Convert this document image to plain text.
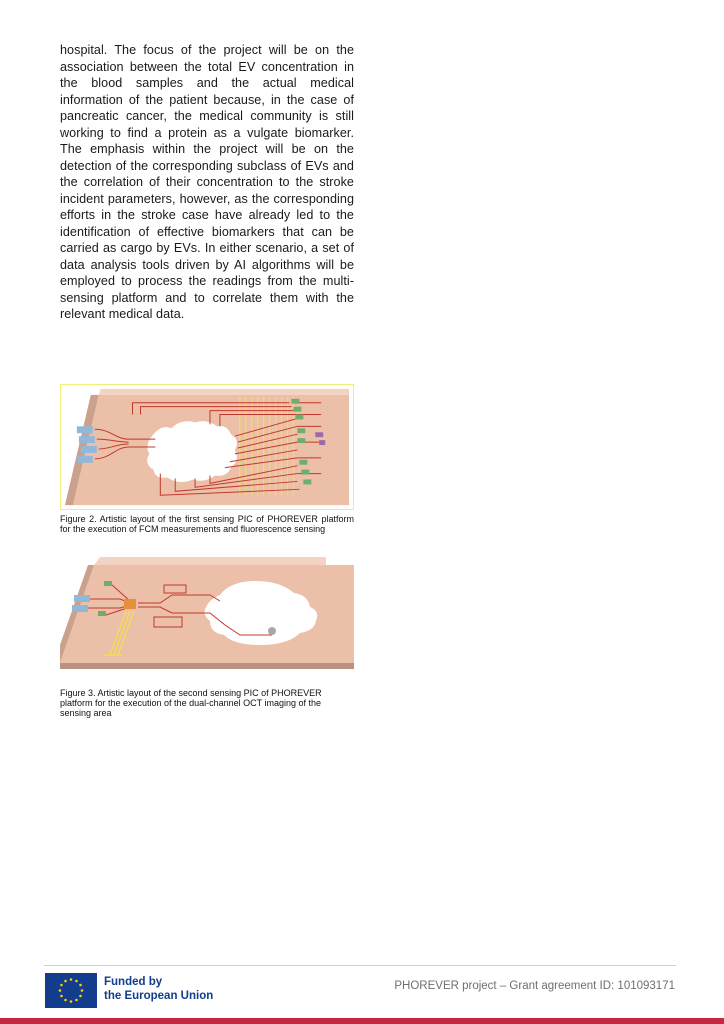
hospital. The focus of the project will be on the association between the total EV concentration in the blood samples and the actual medical information of the patient because, in the case of pancreatic cancer, the medical community is still working to find a protein as a vulgate biomarker. The emphasis within the project will be on the detection of the corresponding subclass of EVs and the correlation of their concentration to the stroke incident parameters, however, as the corresponding efforts in the stroke case have already led to the identification of effective biomarkers that can be carried as cargo by EVs. In either scenario, a set of data analysis tools driven by AI algorithms will be employed to process the readings from the multi-sensing platform and to correlate them with the relevant medical data.

Figure 2. Artistic layout of the first sensing PIC of PHOREVER platform for the execution of FCM measurements and fluorescence sensing

Figure 3. Artistic layout of the second sensing PIC of PHOREVER platform for the execution of the dual-channel OCT imaging of the sensing area

Funded by
the European Union
PHOREVER project – Grant agreement ID: 101093171
